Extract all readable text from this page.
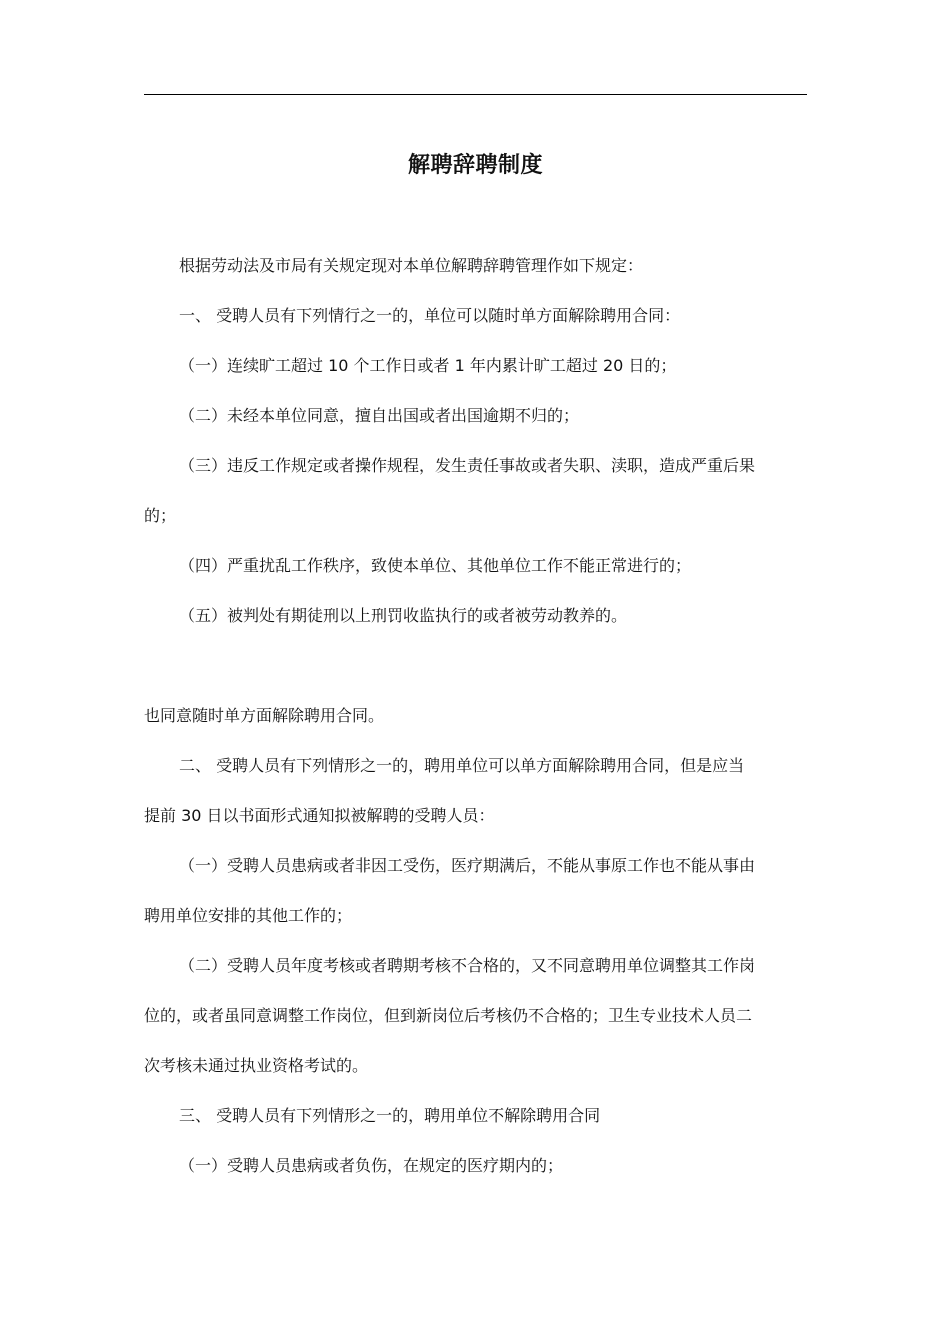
解聘辞聘制度
根据劳动法及市局有关规定现对本单位解聘辞聘管理作如下规定：
一、 受聘人员有下列情行之一的，单位可以随时单方面解除聘用合同：
（一）连续旷工超过 10 个工作日或者 1 年内累计旷工超过 20 日的；
（二）未经本单位同意，擅自出国或者出国逾期不归的；
（三）违反工作规定或者操作规程，发生责任事故或者失职、渎职，造成严重后果
的；
（四）严重扰乱工作秩序，致使本单位、其他单位工作不能正常进行的；
（五）被判处有期徒刑以上刑罚收监执行的或者被劳动教养的。
也同意随时单方面解除聘用合同。
二、 受聘人员有下列情形之一的，聘用单位可以单方面解除聘用合同，但是应当
提前 30 日以书面形式通知拟被解聘的受聘人员：
（一）受聘人员患病或者非因工受伤，医疗期满后，不能从事原工作也不能从事由
聘用单位安排的其他工作的；
（二）受聘人员年度考核或者聘期考核不合格的，又不同意聘用单位调整其工作岗
位的，或者虽同意调整工作岗位，但到新岗位后考核仍不合格的；卫生专业技术人员二
次考核未通过执业资格考试的。
三、 受聘人员有下列情形之一的，聘用单位不解除聘用合同
（一）受聘人员患病或者负伤，在规定的医疗期内的；
